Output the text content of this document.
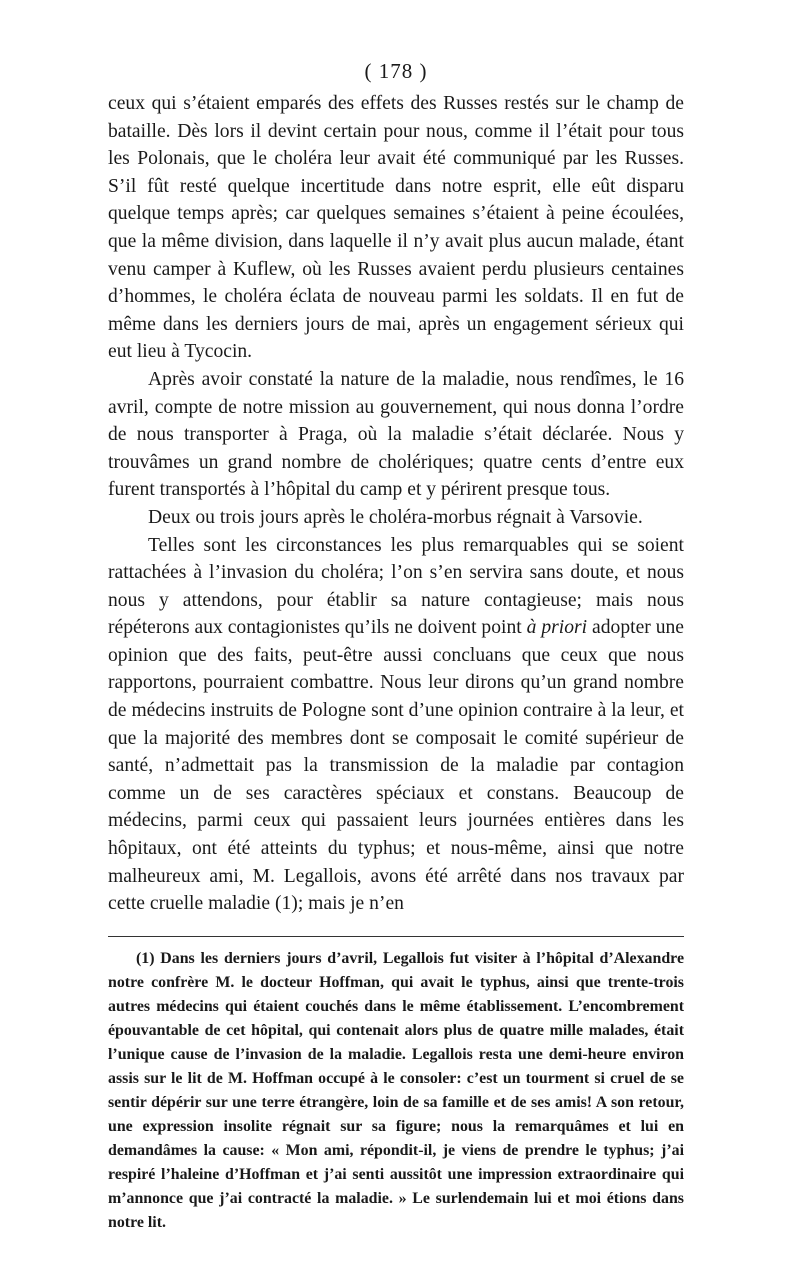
( 178 )

ceux qui s’étaient emparés des effets des Russes restés sur le champ de bataille. Dès lors il devint certain pour nous, comme il l’était pour tous les Polonais, que le choléra leur avait été communiqué par les Russes. S’il fût resté quelque incertitude dans notre esprit, elle eût disparu quelque temps après; car quelques semaines s’étaient à peine écoulées, que la même division, dans laquelle il n’y avait plus aucun malade, étant venu camper à Kuflew, où les Russes avaient perdu plusieurs centaines d’hommes, le choléra éclata de nouveau parmi les soldats. Il en fut de même dans les derniers jours de mai, après un engagement sérieux qui eut lieu à Tycocin.

Après avoir constaté la nature de la maladie, nous rendîmes, le 16 avril, compte de notre mission au gouvernement, qui nous donna l’ordre de nous transporter à Praga, où la maladie s’était déclarée. Nous y trouvâmes un grand nombre de cholériques; quatre cents d’entre eux furent transportés à l’hôpital du camp et y périrent presque tous.

Deux ou trois jours après le choléra-morbus régnait à Varsovie.

Telles sont les circonstances les plus remarquables qui se soient rattachées à l’invasion du choléra; l’on s’en servira sans doute, et nous nous y attendons, pour établir sa nature contagieuse; mais nous répéterons aux contagionistes qu’ils ne doivent point à priori adopter une opinion que des faits, peut-être aussi concluans que ceux que nous rapportons, pourraient combattre. Nous leur dirons qu’un grand nombre de médecins instruits de Pologne sont d’une opinion contraire à la leur, et que la majorité des membres dont se composait le comité supérieur de santé, n’admettait pas la transmission de la maladie par contagion comme un de ses caractères spéciaux et constans. Beaucoup de médecins, parmi ceux qui passaient leurs journées entières dans les hôpitaux, ont été atteints du typhus; et nous-même, ainsi que notre malheureux ami, M. Legallois, avons été arrêté dans nos travaux par cette cruelle maladie (1); mais je n’en

(1) Dans les derniers jours d’avril, Legallois fut visiter à l’hôpital d’Alexandre notre confrère M. le docteur Hoffman, qui avait le typhus, ainsi que trente-trois autres médecins qui étaient couchés dans le même établissement. L’encombrement épouvantable de cet hôpital, qui contenait alors plus de quatre mille malades, était l’unique cause de l’invasion de la maladie. Legallois resta une demi-heure environ assis sur le lit de M. Hoffman occupé à le consoler: c’est un tourment si cruel de se sentir dépérir sur une terre étrangère, loin de sa famille et de ses amis! A son retour, une expression insolite régnait sur sa figure; nous la remarquâmes et lui en demandâmes la cause: « Mon ami, répondit-il, je viens de prendre le typhus; j’ai respiré l’haleine d’Hoffman et j’ai senti aussitôt une impression extraordinaire qui m’annonce que j’ai contracté la maladie. » Le surlendemain lui et moi étions dans notre lit.
